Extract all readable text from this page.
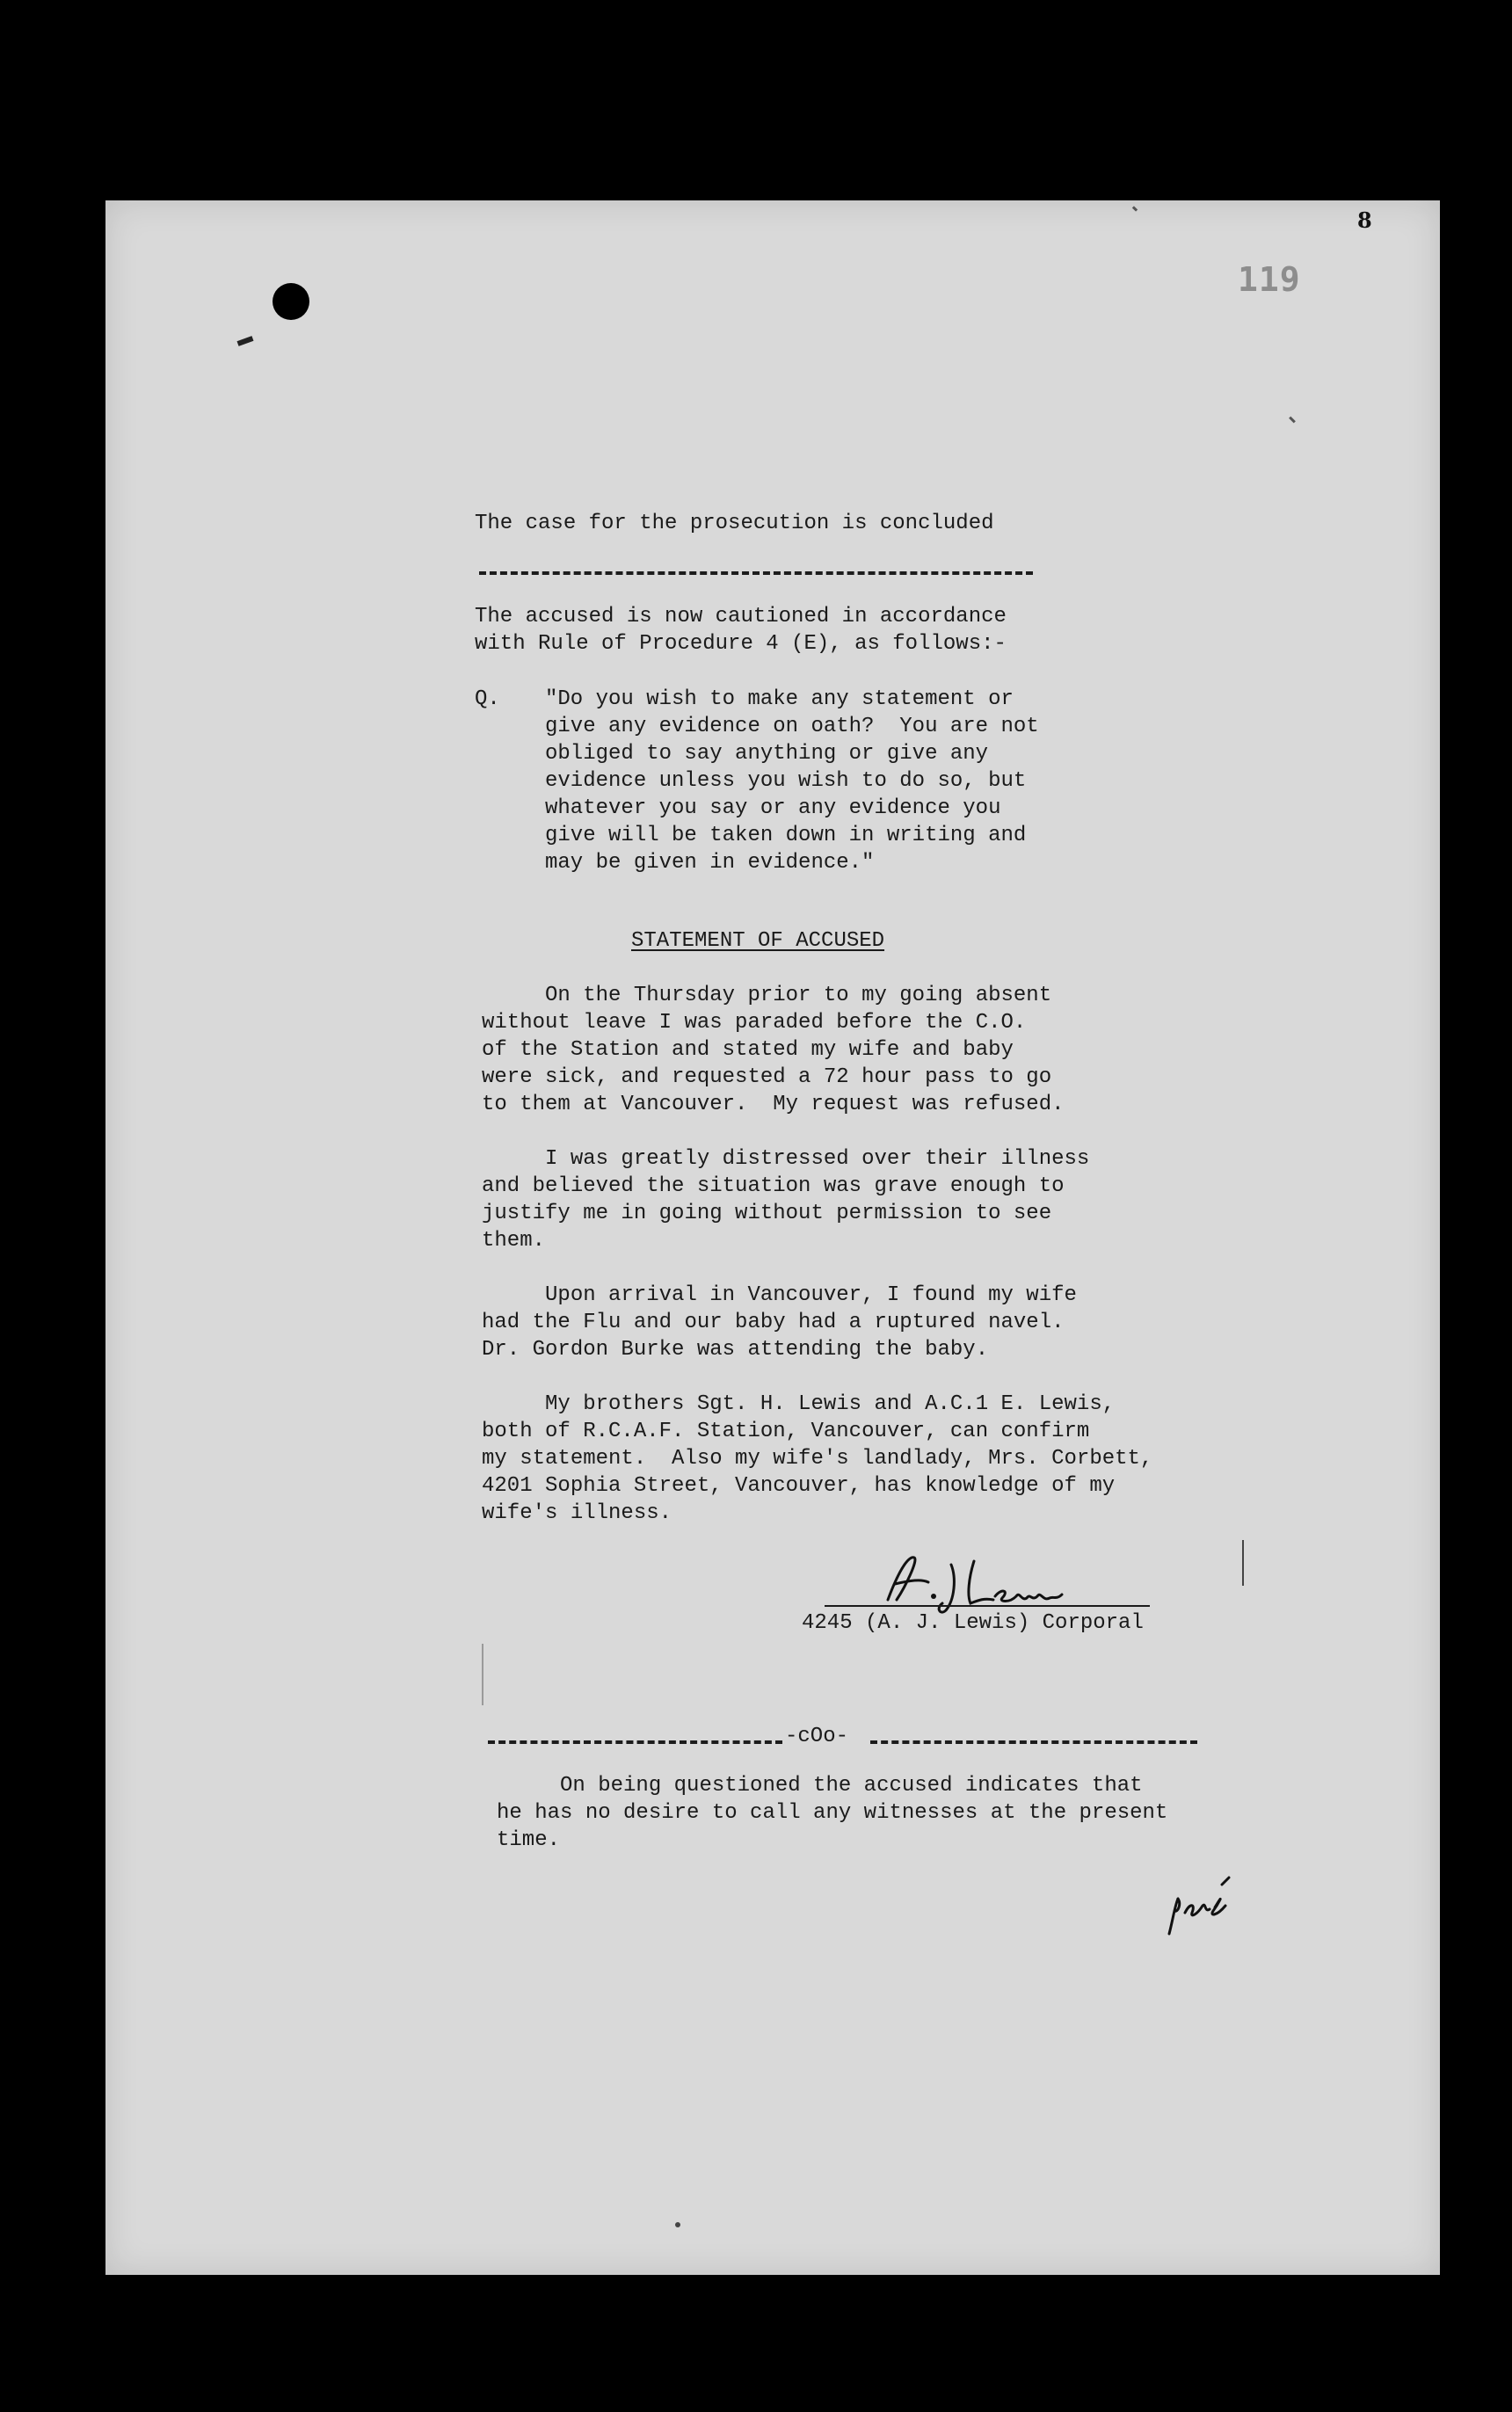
119
8

The case for the prosecution is concluded

The accused is now cautioned in accordance

with Rule of Procedure 4 (E), as follows:-

Q. "Do you wish to make any statement or

give any evidence on oath?  You are not

obliged to say anything or give any

evidence unless you wish to do so, but

whatever you say or any evidence you

give will be taken down in writing and

may be given in evidence."

STATEMENT OF ACCUSED

On the Thursday prior to my going absent

without leave I was paraded before the C.O.

of the Station and stated my wife and baby

were sick, and requested a 72 hour pass to go

to them at Vancouver.  My request was refused.

I was greatly distressed over their illness

and believed the situation was grave enough to

justify me in going without permission to see

them.

Upon arrival in Vancouver, I found my wife

had the Flu and our baby had a ruptured navel.

Dr. Gordon Burke was attending the baby.

My brothers Sgt. H. Lewis and A.C.1 E. Lewis,

both of R.C.A.F. Station, Vancouver, can confirm

my statement.  Also my wife's landlady, Mrs. Corbett,

4201 Sophia Street, Vancouver, has knowledge of my

wife's illness.

4245 (A. J. Lewis) Corporal

-cOo-

On being questioned the accused indicates that

he has no desire to call any witnesses at the present

time.
